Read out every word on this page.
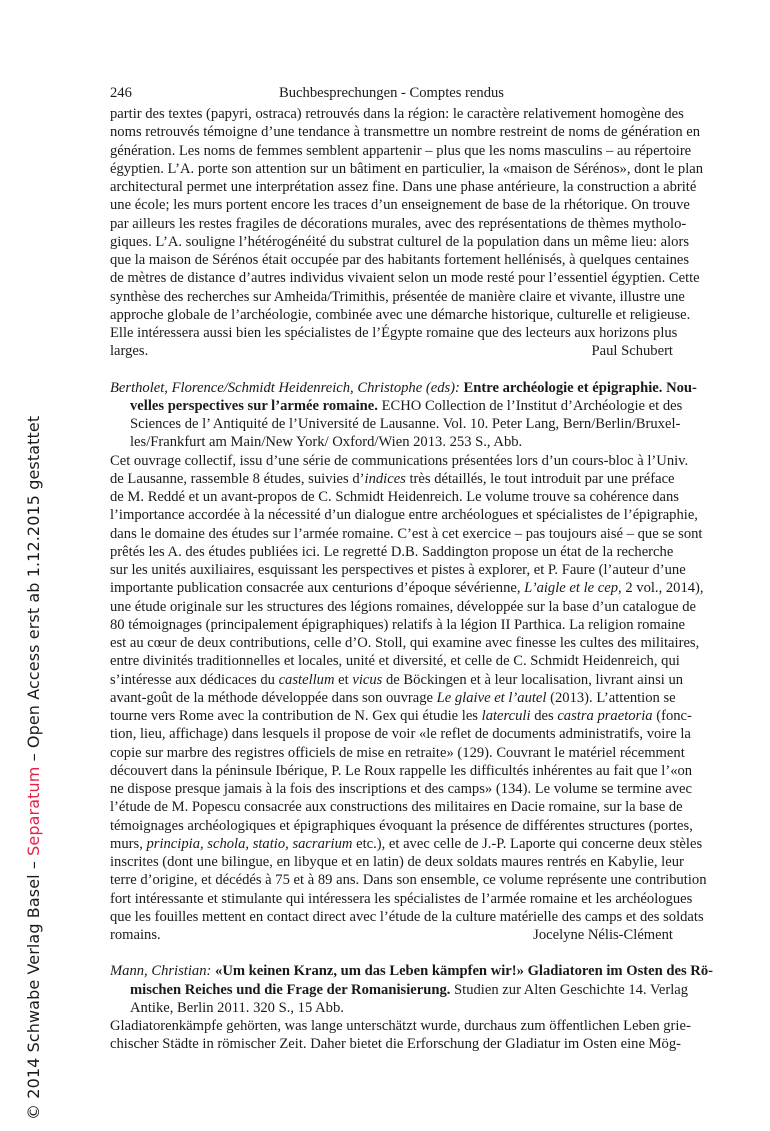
246	Buchbesprechungen - Comptes rendus
partir des textes (papyri, ostraca) retrouvés dans la région: le caractère relativement homogène des
noms retrouvés témoigne d’une tendance à transmettre un nombre restreint de noms de génération en
génération. Les noms de femmes semblent appartenir – plus que les noms masculins – au répertoire
égyptien. L’A. porte son attention sur un bâtiment en particulier, la «maison de Sérénos», dont le plan
architectural permet une interprétation assez fine. Dans une phase antérieure, la construction a abrité
une école; les murs portent encore les traces d’un enseignement de base de la rhétorique. On trouve
par ailleurs les restes fragiles de décorations murales, avec des représentations de thèmes mytholo-
giques. L’A. souligne l’hétérogénéité du substrat culturel de la population dans un même lieu: alors
que la maison de Sérénos était occupée par des habitants fortement hellénisés, à quelques centaines
de mètres de distance d’autres individus vivaient selon un mode resté pour l’essentiel égyptien. Cette
synthèse des recherches sur Amheida/Trimithis, présentée de manière claire et vivante, illustre une
approche globale de l’archéologie, combinée avec une démarche historique, culturelle et religieuse.
Elle intéressera aussi bien les spécialistes de l’Égypte romaine que des lecteurs aux horizons plus
larges.	Paul Schubert
Bertholet, Florence/Schmidt Heidenreich, Christophe (eds): Entre archéologie et épigraphie. Nou-
velles perspectives sur l’armée romaine. ECHO Collection de l’Institut d’Archéologie et des
Sciences de l’ Antiquité de l’Université de Lausanne. Vol. 10. Peter Lang, Bern/Berlin/Bruxel-
les/Frankfurt am Main/New York/ Oxford/Wien 2013. 253 S., Abb.
Cet ouvrage collectif, issu d’une série de communications présentées lors d’un cours-bloc à l’Univ.
de Lausanne, rassemble 8 études, suivies d’indices très détaillés, le tout introduit par une préface
de M. Reddé et un avant-propos de C. Schmidt Heidenreich. Le volume trouve sa cohérence dans
l’importance accordée à la nécessité d’un dialogue entre archéologues et spécialistes de l’épigraphie,
dans le domaine des études sur l’armée romaine. C’est à cet exercice – pas toujours aisé – que se sont
prêtés les A. des études publiées ici. Le regretté D.B. Saddington propose un état de la recherche
sur les unités auxiliaires, esquissant les perspectives et pistes à explorer, et P. Faure (l’auteur d’une
importante publication consacrée aux centurions d’époque sévérienne, L’aigle et le cep, 2 vol., 2014),
une étude originale sur les structures des légions romaines, développée sur la base d’un catalogue de
80 témoignages (principalement épigraphiques) relatifs à la légion II Parthica. La religion romaine
est au cœur de deux contributions, celle d’O. Stoll, qui examine avec finesse les cultes des militaires,
entre divinités traditionnelles et locales, unité et diversité, et celle de C. Schmidt Heidenreich, qui
s’intéresse aux dédicaces du castellum et vicus de Böckingen et à leur localisation, livrant ainsi un
avant-goût de la méthode développée dans son ouvrage Le glaive et l’autel (2013). L’attention se
tourne vers Rome avec la contribution de N. Gex qui étudie les laterculi des castra praetoria (fonc-
tion, lieu, affichage) dans lesquels il propose de voir «le reflet de documents administratifs, voire la
copie sur marbre des registres officiels de mise en retraite» (129). Couvrant le matériel récemment
découvert dans la péninsule Ibérique, P. Le Roux rappelle les difficultés inhérentes au fait que l’«on
ne dispose presque jamais à la fois des inscriptions et des camps» (134). Le volume se termine avec
l’étude de M. Popescu consacrée aux constructions des militaires en Dacie romaine, sur la base de
témoignages archéologiques et épigraphiques évoquant la présence de différentes structures (portes,
murs, principia, schola, statio, sacrarium etc.), et avec celle de J.-P. Laporte qui concerne deux stèles
inscrites (dont une bilingue, en libyque et en latin) de deux soldats maures rentrés en Kabylie, leur
terre d’origine, et décédés à 75 et à 89 ans. Dans son ensemble, ce volume représente une contribution
fort intéressante et stimulante qui intéressera les spécialistes de l’armée romaine et les archéologues
que les fouilles mettent en contact direct avec l’étude de la culture matérielle des camps et des soldats
romains.	Jocelyne Nélis-Clément
Mann, Christian: «Um keinen Kranz, um das Leben kämpfen wir!» Gladiatoren im Osten des Rö-
mischen Reiches und die Frage der Romanisierung. Studien zur Alten Geschichte 14. Verlag
Antike, Berlin 2011. 320 S., 15 Abb.
Gladiatorenkämpfe gehörten, was lange unterschätzt wurde, durchaus zum öffentlichen Leben grie-
chischer Städte in römischer Zeit. Daher bietet die Erforschung der Gladiatur im Osten eine Mög-
© 2014 Schwabe Verlag Basel – Separatum – Open Access erst ab 1.12.2015 gestattet
